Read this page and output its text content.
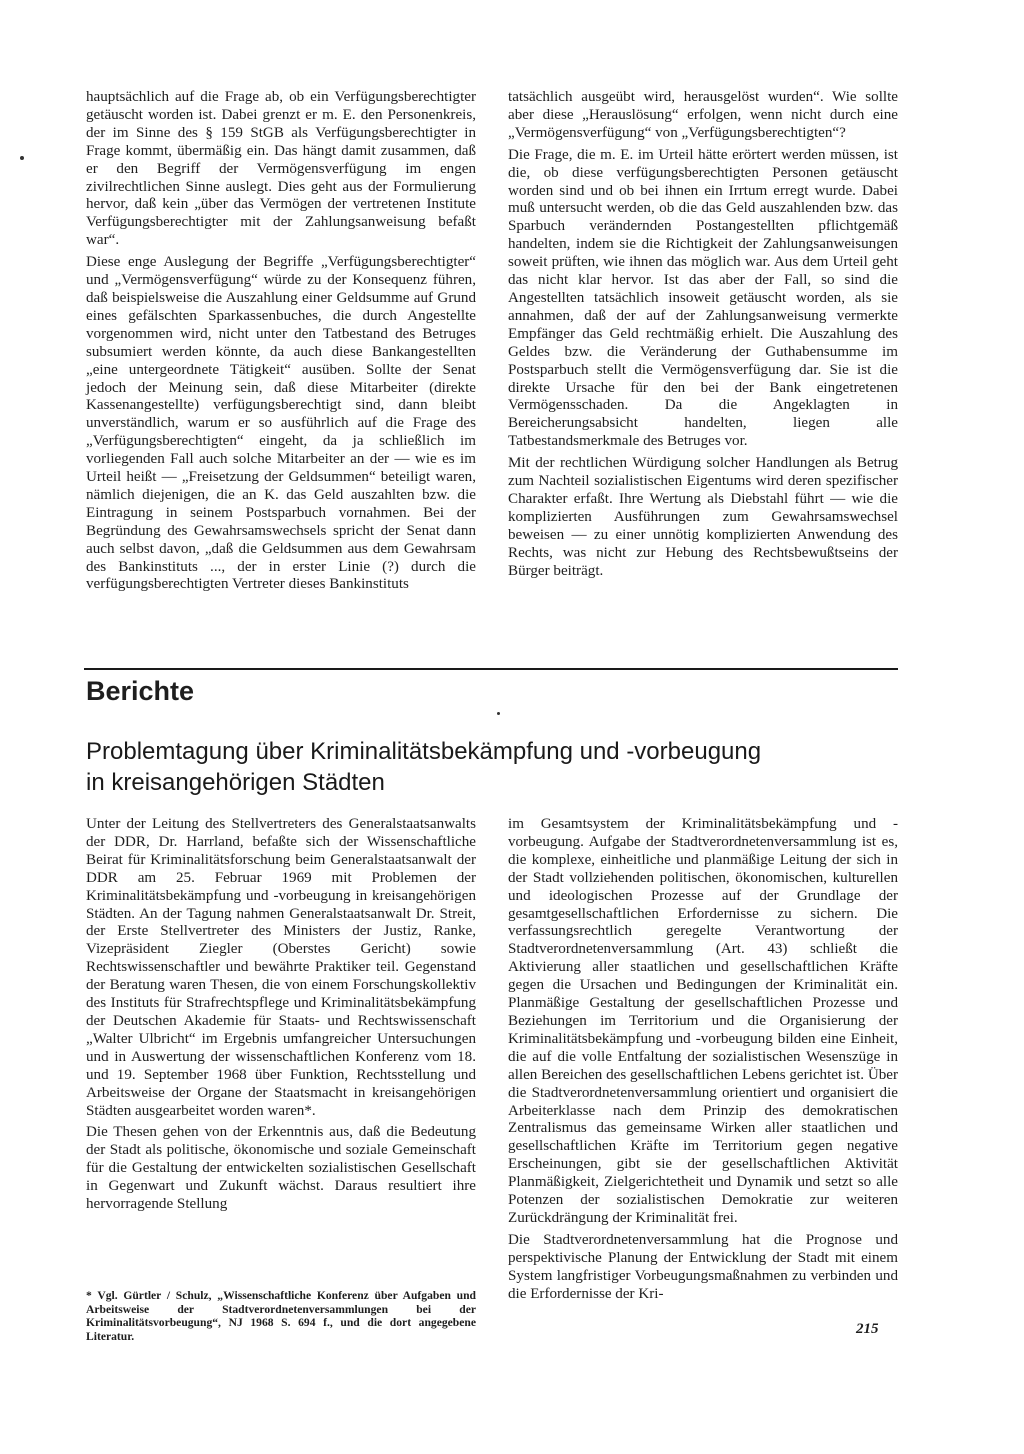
hauptsächlich auf die Frage ab, ob ein Verfügungsberechtigter getäuscht worden ist. Dabei grenzt er m. E. den Personenkreis, der im Sinne des § 159 StGB als Verfügungsberechtigter in Frage kommt, übermäßig ein. Das hängt damit zusammen, daß er den Begriff der Vermögensverfügung im engen zivilrechtlichen Sinne auslegt. Dies geht aus der Formulierung hervor, daß kein „über das Vermögen der vertretenen Institute Verfügungsberechtigter mit der Zahlungsanweisung befaßt war“.

Diese enge Auslegung der Begriffe „Verfügungsberechtigter“ und „Vermögensverfügung“ würde zu der Konsequenz führen, daß beispielsweise die Auszahlung einer Geldsumme auf Grund eines gefälschten Sparkassenbuches, die durch Angestellte vorgenommen wird, nicht unter den Tatbestand des Betruges subsumiert werden könnte, da auch diese Bankangestellten „eine untergeordnete Tätigkeit“ ausüben. Sollte der Senat jedoch der Meinung sein, daß diese Mitarbeiter (direkte Kassenangestellte) verfügungsberechtigt sind, dann bleibt unverständlich, warum er so ausführlich auf die Frage des „Verfügungsberechtigten“ eingeht, da ja schließlich im vorliegenden Fall auch solche Mitarbeiter an der — wie es im Urteil heißt — „Freisetzung der Geldsummen“ beteiligt waren, nämlich diejenigen, die an K. das Geld auszahlten bzw. die Eintragung in seinem Postsparbuch vornahmen. Bei der Begründung des Gewahrsamswechsels spricht der Senat dann auch selbst davon, „daß die Geldsummen aus dem Gewahrsam des Bankinstituts ..., der in erster Linie (?) durch die verfügungsberechtigten Vertreter dieses Bankinstituts

tatsächlich ausgeübt wird, herausgelöst wurden“. Wie sollte aber diese „Herauslösung“ erfolgen, wenn nicht durch eine „Vermögensverfügung“ von „Verfügungsberechtigten“?

Die Frage, die m. E. im Urteil hätte erörtert werden müssen, ist die, ob diese verfügungsberechtigten Personen getäuscht worden sind und ob bei ihnen ein Irrtum erregt wurde. Dabei muß untersucht werden, ob die das Geld auszahlenden bzw. das Sparbuch verändernden Postangestellten pflichtgemäß handelten, indem sie die Richtigkeit der Zahlungsanweisungen soweit prüften, wie ihnen das möglich war. Aus dem Urteil geht das nicht klar hervor. Ist das aber der Fall, so sind die Angestellten tatsächlich insoweit getäuscht worden, als sie annahmen, daß der auf der Zahlungsanweisung vermerkte Empfänger das Geld rechtmäßig erhielt. Die Auszahlung des Geldes bzw. die Veränderung der Guthabensumme im Postsparbuch stellt die Vermögensverfügung dar. Sie ist die direkte Ursache für den bei der Bank eingetretenen Vermögensschaden. Da die Angeklagten in Bereicherungsabsicht handelten, liegen alle Tatbestandsmerkmale des Betruges vor.

Mit der rechtlichen Würdigung solcher Handlungen als Betrug zum Nachteil sozialistischen Eigentums wird deren spezifischer Charakter erfaßt. Ihre Wertung als Diebstahl führt — wie die komplizierten Ausführungen zum Gewahrsamswechsel beweisen — zu einer unnötig komplizierten Anwendung des Rechts, was nicht zur Hebung des Rechtsbewußtseins der Bürger beiträgt.

Berichte
Problemtagung über Kriminalitätsbekämpfung und -vorbeugung
in kreisangehörigen Städten

Unter der Leitung des Stellvertreters des Generalstaatsanwalts der DDR, Dr. Harrland, befaßte sich der Wissenschaftliche Beirat für Kriminalitätsforschung beim Generalstaatsanwalt der DDR am 25. Februar 1969 mit Problemen der Kriminalitätsbekämpfung und -vorbeugung in kreisangehörigen Städten. An der Tagung nahmen Generalstaatsanwalt Dr. Streit, der Erste Stellvertreter des Ministers der Justiz, Ranke, Vizepräsident Ziegler (Oberstes Gericht) sowie Rechtswissenschaftler und bewährte Praktiker teil. Gegenstand der Beratung waren Thesen, die von einem Forschungskollektiv des Instituts für Strafrechtspflege und Kriminalitätsbekämpfung der Deutschen Akademie für Staats- und Rechtswissenschaft „Walter Ulbricht“ im Ergebnis umfangreicher Untersuchungen und in Auswertung der wissenschaftlichen Konferenz vom 18. und 19. September 1968 über Funktion, Rechtsstellung und Arbeitsweise der Organe der Staatsmacht in kreisangehörigen Städten ausgearbeitet worden waren*.

Die Thesen gehen von der Erkenntnis aus, daß die Bedeutung der Stadt als politische, ökonomische und soziale Gemeinschaft für die Gestaltung der entwickelten sozialistischen Gesellschaft in Gegenwart und Zukunft wächst. Daraus resultiert ihre hervorragende Stellung

im Gesamtsystem der Kriminalitätsbekämpfung und -vorbeugung. Aufgabe der Stadtverordnetenversammlung ist es, die komplexe, einheitliche und planmäßige Leitung der sich in der Stadt vollziehenden politischen, ökonomischen, kulturellen und ideologischen Prozesse auf der Grundlage der gesamtgesellschaftlichen Erfordernisse zu sichern. Die verfassungsrechtlich geregelte Verantwortung der Stadtverordnetenversammlung (Art. 43) schließt die Aktivierung aller staatlichen und gesellschaftlichen Kräfte gegen die Ursachen und Bedingungen der Kriminalität ein. Planmäßige Gestaltung der gesellschaftlichen Prozesse und Beziehungen im Territorium und die Organisierung der Kriminalitätsbekämpfung und -vorbeugung bilden eine Einheit, die auf die volle Entfaltung der sozialistischen Wesenszüge in allen Bereichen des gesellschaftlichen Lebens gerichtet ist. Über die Stadtverordnetenversammlung orientiert und organisiert die Arbeiterklasse nach dem Prinzip des demokratischen Zentralismus das gemeinsame Wirken aller staatlichen und gesellschaftlichen Kräfte im Territorium gegen negative Erscheinungen, gibt sie der gesellschaftlichen Aktivität Planmäßigkeit, Zielgerichtetheit und Dynamik und setzt so alle Potenzen der sozialistischen Demokratie zur weiteren Zurückdrängung der Kriminalität frei.

Die Stadtverordnetenversammlung hat die Prognose und perspektivische Planung der Entwicklung der Stadt mit einem System langfristiger Vorbeugungsmaßnahmen zu verbinden und die Erfordernisse der Kri-

* Vgl. Gürtler / Schulz, „Wissenschaftliche Konferenz über Aufgaben und Arbeitsweise der Stadtverordnetenversammlungen bei der Kriminalitätsvorbeugung“, NJ 1968 S. 694 f., und die dort angegebene Literatur.	215
